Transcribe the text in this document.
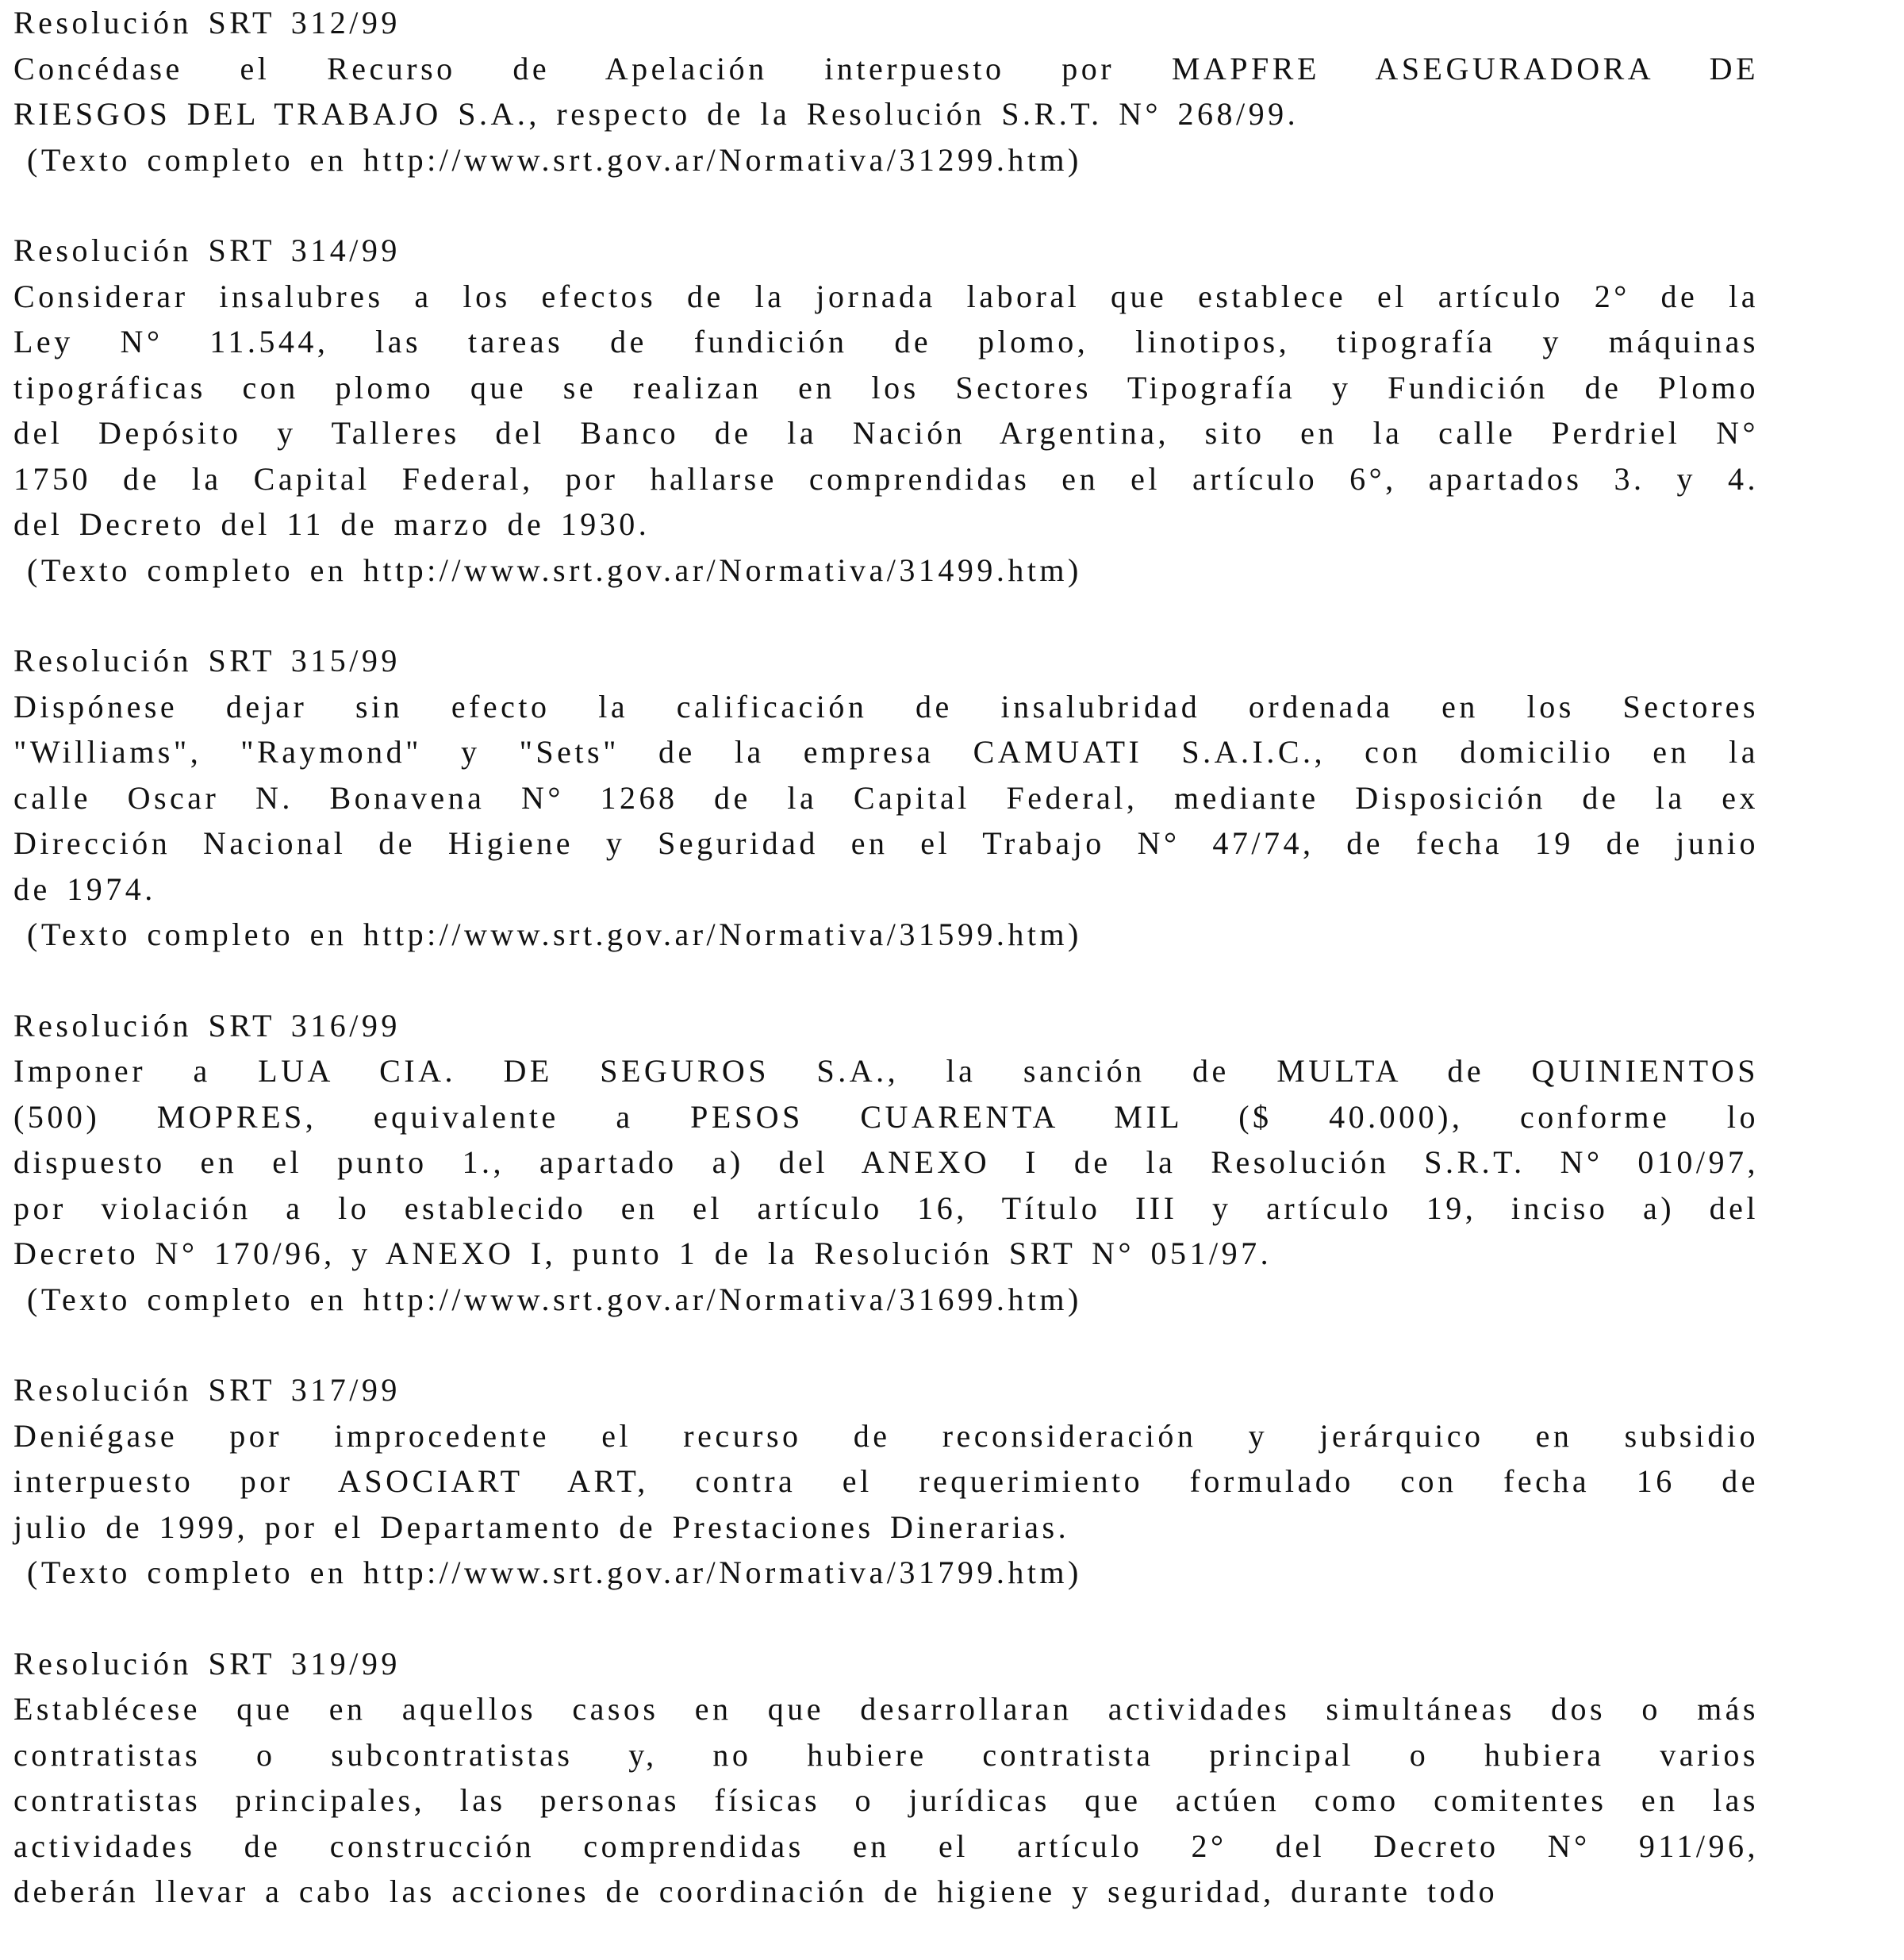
Resolución SRT 312/99
Concédase el Recurso de Apelación interpuesto por MAPFRE ASEGURADORA DE
RIESGOS DEL TRABAJO S.A., respecto de la Resolución S.R.T. N° 268/99.
(Texto completo en http://www.srt.gov.ar/Normativa/31299.htm)
Resolución SRT 314/99
Considerar insalubres a los efectos de la jornada laboral que establece el artículo 2° de la
Ley N° 11.544, las tareas de fundición de plomo, linotipos, tipografía y máquinas
tipográficas con plomo que se realizan en los Sectores Tipografía y Fundición de Plomo
del Depósito y Talleres del Banco de la Nación Argentina, sito en la calle Perdriel N°
1750 de la Capital Federal, por hallarse comprendidas en el artículo 6°, apartados 3. y 4.
del Decreto del 11 de marzo de 1930.
(Texto completo en http://www.srt.gov.ar/Normativa/31499.htm)
Resolución SRT 315/99
Dispónese dejar sin efecto la calificación de insalubridad ordenada en los Sectores
"Williams", "Raymond" y "Sets" de la empresa CAMUATI S.A.I.C., con domicilio en la
calle Oscar N. Bonavena N° 1268 de la Capital Federal, mediante Disposición de la ex
Dirección Nacional de Higiene y Seguridad en el Trabajo N° 47/74, de fecha 19 de junio
de 1974.
(Texto completo en http://www.srt.gov.ar/Normativa/31599.htm)
Resolución SRT 316/99
Imponer a LUA CIA. DE SEGUROS S.A., la sanción de MULTA de QUINIENTOS
(500) MOPRES, equivalente a PESOS CUARENTA MIL ($ 40.000), conforme lo
dispuesto en el punto 1., apartado a) del ANEXO I de la Resolución S.R.T. N° 010/97,
por violación a lo establecido en el artículo 16, Título III y artículo 19, inciso a) del
Decreto N° 170/96, y ANEXO I, punto 1 de la Resolución SRT N° 051/97.
(Texto completo en http://www.srt.gov.ar/Normativa/31699.htm)
Resolución SRT 317/99
Deniégase por improcedente el recurso de reconsideración y jerárquico en subsidio
interpuesto por ASOCIART ART, contra el requerimiento formulado con fecha 16 de
julio de 1999, por el Departamento de Prestaciones Dinerarias.
(Texto completo en http://www.srt.gov.ar/Normativa/31799.htm)
Resolución SRT 319/99
Establécese que en aquellos casos en que desarrollaran actividades simultáneas dos o más
contratistas o subcontratistas y, no hubiere contratista principal o hubiera varios
contratistas principales, las personas físicas o jurídicas que actúen como comitentes en las
actividades de construcción comprendidas en el artículo 2° del Decreto N° 911/96,
deberán llevar a cabo las acciones de coordinación de higiene y seguridad, durante todo
